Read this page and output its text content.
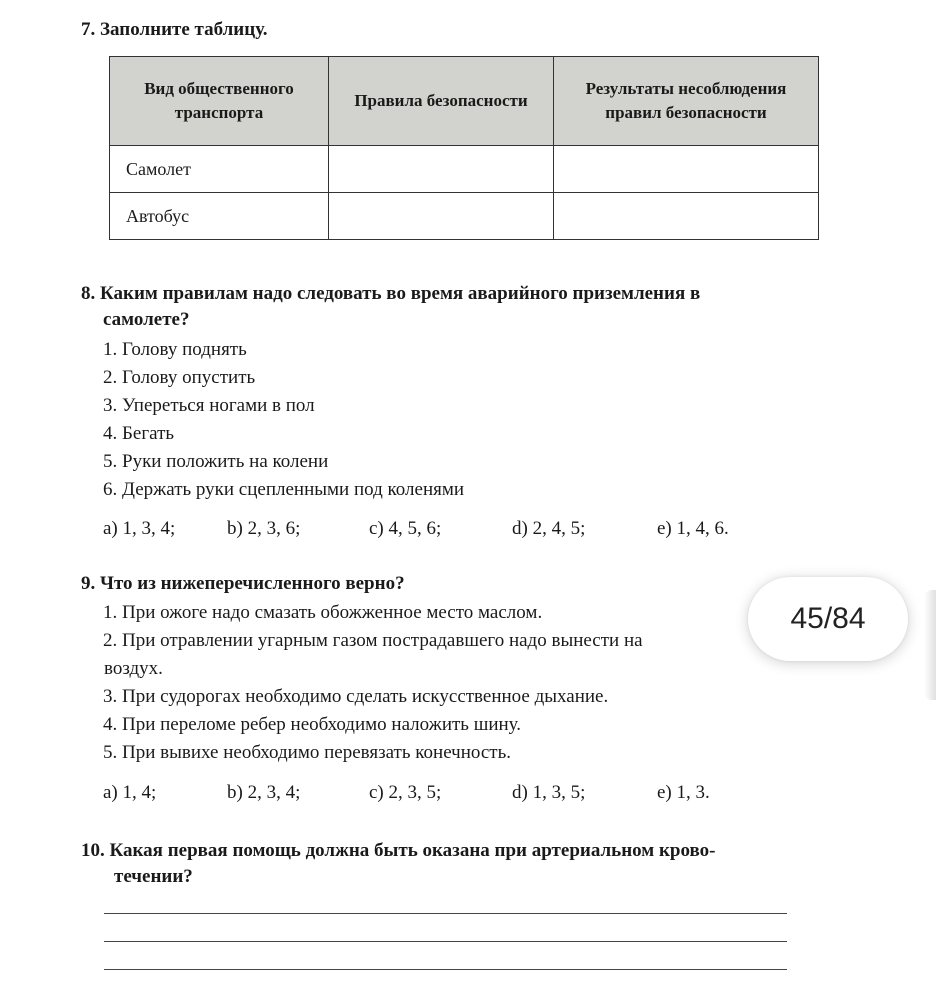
7. Заполните таблицу.
Вид общественного транспорта	Правила безопасности	Результаты несоблюдения правил безопасности
Самолет		
Автобус		
8. Каким правилам надо следовать во время аварийного приземления в
самолете?
1. Голову поднять
2. Голову опустить
3. Упереться ногами в пол
4. Бегать
5. Руки положить на колени
6. Держать руки сцепленными под коленями
a) 1, 3, 4;	b) 2, 3, 6;	c) 4, 5, 6;	d) 2, 4, 5;	e) 1, 4, 6.
9. Что из нижеперечисленного верно?
1. При ожоге надо смазать обожженное место маслом.
2. При отравлении угарным газом пострадавшего надо вынести на
воздух.
3. При судорогах необходимо сделать искусственное дыхание.
4. При переломе ребер необходимо наложить шину.
5. При вывихе необходимо перевязать конечность.
a) 1, 4;	b) 2, 3, 4;	c) 2, 3, 5;	d) 1, 3, 5;	e) 1, 3.
10. Какая первая помощь должна быть оказана при артериальном крово-
течении?
45/84
